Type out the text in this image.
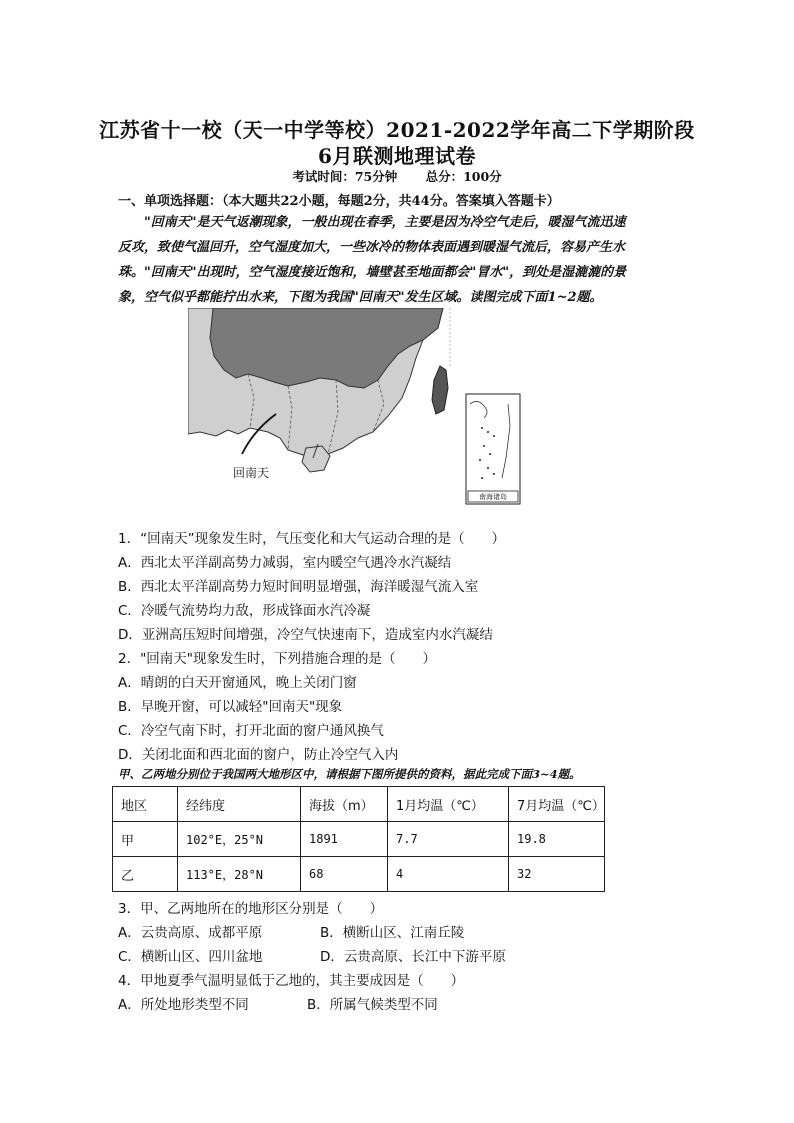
江苏省十一校（天一中学等校）2021-2022学年高二下学期阶段
6月联测地理试卷
考试时间：75分钟 总分：100分
一、单项选择题：（本大题共22小题，每题2分，共44分。答案填入答题卡）
"回南天"是天气返潮现象，一般出现在春季，主要是因为冷空气走后，暖湿气流迅速
反攻，致使气温回升，空气湿度加大，一些冰冷的物体表面遇到暖湿气流后，容易产生水
珠。"回南天"出现时，空气湿度接近饱和，墙壁甚至地面都会"冒水"，到处是湿漉漉的景
象，空气似乎都能拧出水来，下图为我国"回南天"发生区域。读图完成下面1~2题。
回南天
南海诸岛
1．“回南天”现象发生时，气压变化和大气运动合理的是（　　）
A．西北太平洋副高势力减弱，室内暖空气遇冷水汽凝结
B．西北太平洋副高势力短时间明显增强，海洋暖湿气流入室
C．冷暖气流势均力敌，形成锋面水汽冷凝
D．亚洲高压短时间增强，冷空气快速南下，造成室内水汽凝结
2．"回南天"现象发生时，下列措施合理的是（　　）
A．晴朗的白天开窗通风，晚上关闭门窗
B．早晚开窗，可以减轻"回南天"现象
C．冷空气南下时，打开北面的窗户通风换气
D．关闭北面和西北面的窗户，防止冷空气入内
甲、乙两地分别位于我国两大地形区中，请根据下图所提供的资料，据此完成下面3~4题。
地区	经纬度	海拔（m）	1月均温（℃）	7月均温（℃）
甲	102°E，25°N	1891	7.7	19.8
乙	113°E，28°N	68	4	32
3．甲、乙两地所在的地形区分别是（　　）
A．云贵高原、成都平原	B．横断山区、江南丘陵
C．横断山区、四川盆地	D．云贵高原、长江中下游平原
4．甲地夏季气温明显低于乙地的，其主要成因是（　　）
A．所处地形类型不同	B．所属气候类型不同
